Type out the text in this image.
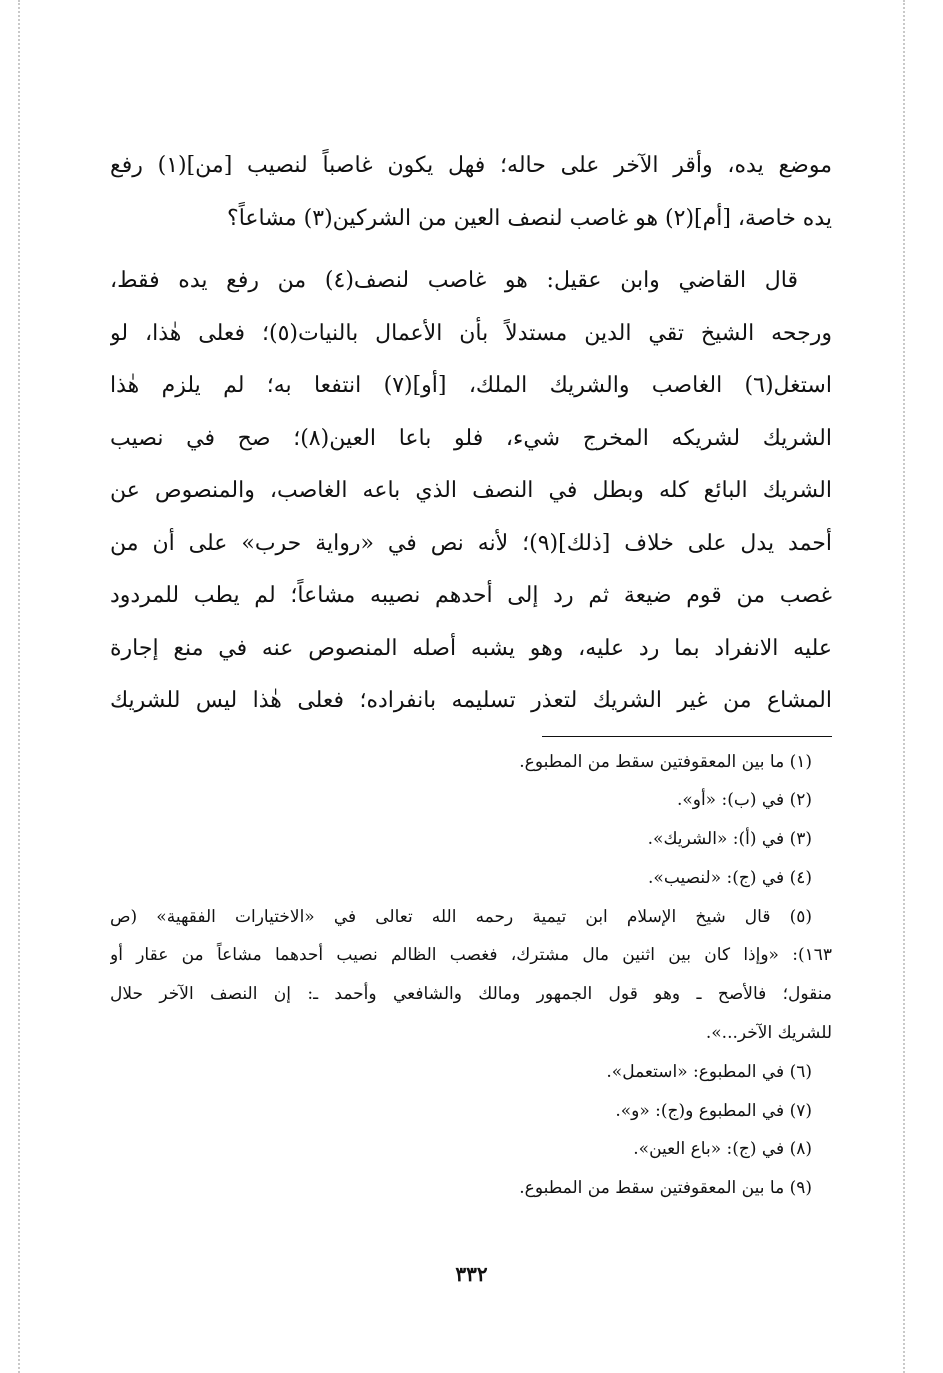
موضع يده، وأقر الآخر على حاله؛ فهل يكون غاصباً لنصيب [من](١) رفع
يده خاصة، [أم](٢) هو غاصب لنصف العين من الشركين(٣) مشاعاً؟

قال القاضي وابن عقيل: هو غاصب لنصف(٤) من رفع يده فقط،
ورجحه الشيخ تقي الدين مستدلاً بأن الأعمال بالنيات(٥)؛ فعلى هٰذا، لو
استغل(٦) الغاصب والشريك الملك، [أو](٧) انتفعا به؛ لم يلزم هٰذا
الشريك لشريكه المخرج شيء، فلو باعا العين(٨)؛ صح في نصيب
الشريك البائع كله وبطل في النصف الذي باعه الغاصب، والمنصوص عن
أحمد يدل على خلاف [ذلك](٩)؛ لأنه نص في «رواية حرب» على أن من
غصب من قوم ضيعة ثم رد إلى أحدهم نصيبه مشاعاً؛ لم يطب للمردود
عليه الانفراد بما رد عليه، وهو يشبه أصله المنصوص عنه في منع إجارة
المشاع من غير الشريك لتعذر تسليمه بانفراده؛ فعلى هٰذا ليس للشريك

(١) ما بين المعقوفتين سقط من المطبوع.
(٢) في (ب): «أو».
(٣) في (أ): «الشريك».
(٤) في (ج): «لنصيب».
(٥) قال شيخ الإسلام ابن تيمية رحمه الله تعالى في «الاختيارات الفقهية» (ص
١٦٣): «وإذا كان بين اثنين مال مشترك، فغصب الظالم نصيب أحدهما مشاعاً من عقار أو
منقول؛ فالأصح ـ وهو قول الجمهور ومالك والشافعي وأحمد ـ: إن النصف الآخر حلال
للشريك الآخر...».
(٦) في المطبوع: «استعمل».
(٧) في المطبوع و(ج): «و».
(٨) في (ج): «باع العين».
(٩) ما بين المعقوفتين سقط من المطبوع.
٣٣٢
